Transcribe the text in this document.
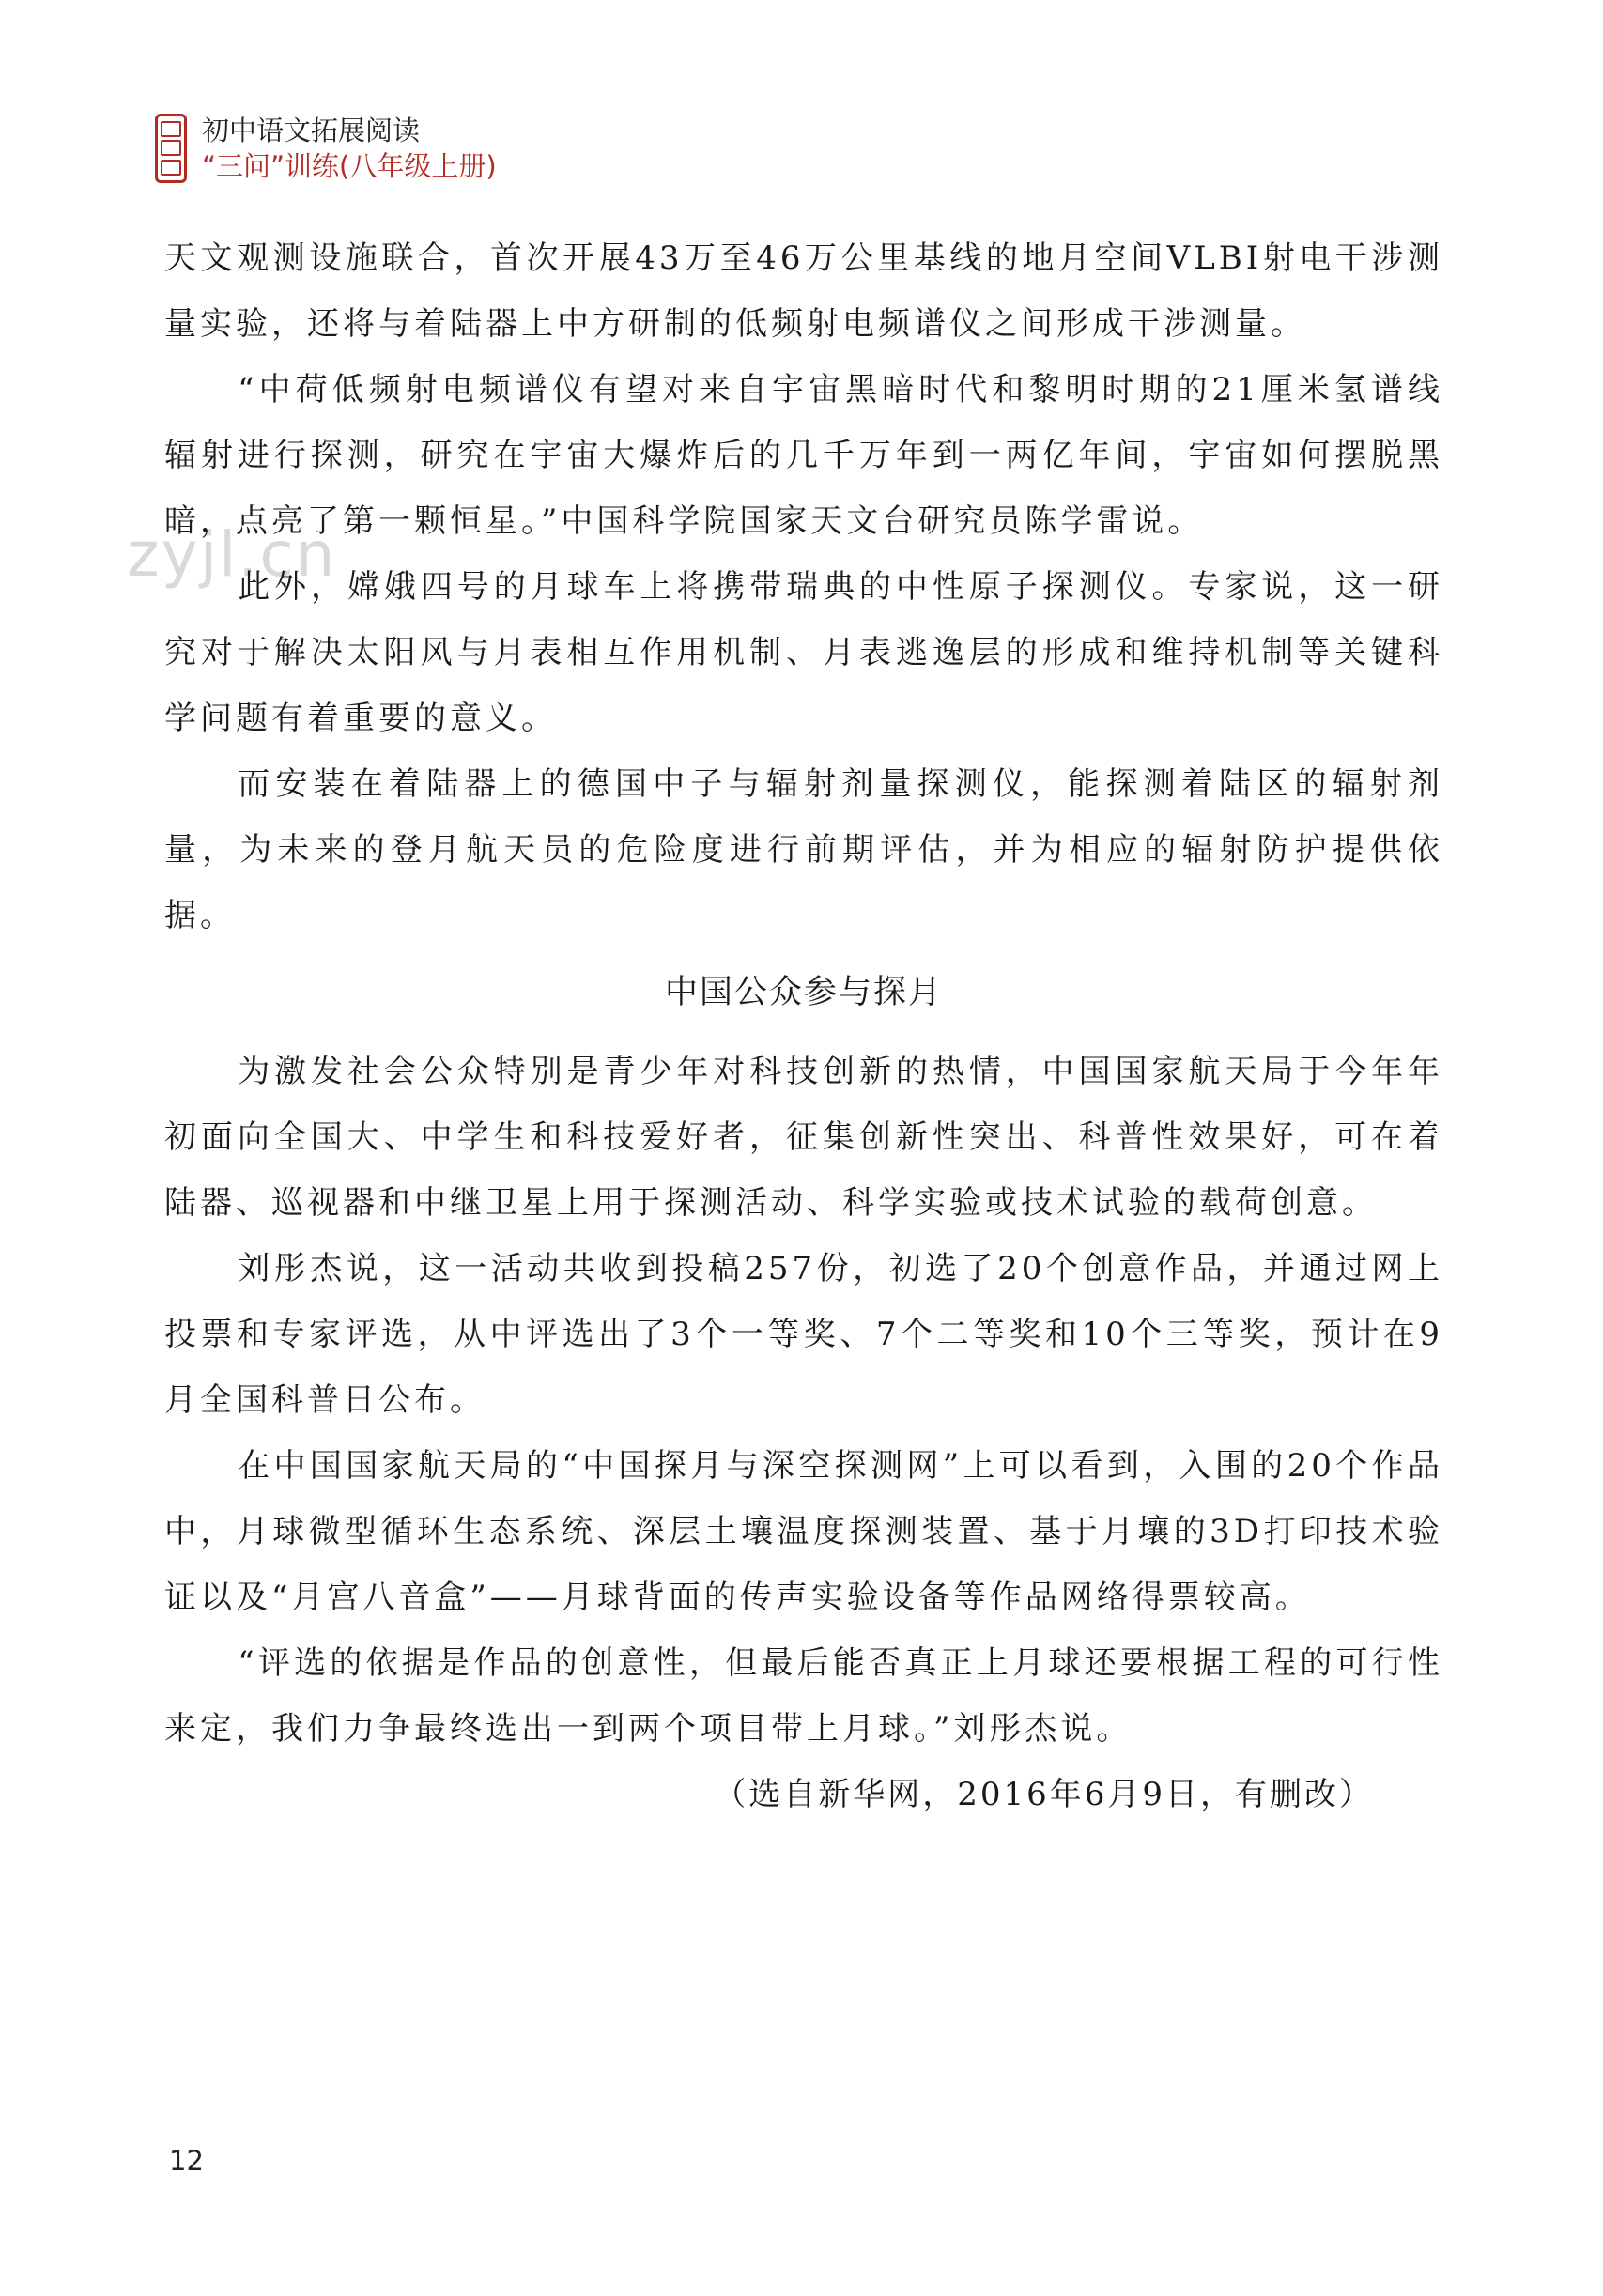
初中语文拓展阅读
“三问”训练(八年级上册)
zyjl.cn

天文观测设施联合，首次开展43万至46万公里基线的地月空间VLBI射电干涉测量实验，还将与着陆器上中方研制的低频射电频谱仪之间形成干涉测量。

“中荷低频射电频谱仪有望对来自宇宙黑暗时代和黎明时期的21厘米氢谱线辐射进行探测，研究在宇宙大爆炸后的几千万年到一两亿年间，宇宙如何摆脱黑暗，点亮了第一颗恒星。”中国科学院国家天文台研究员陈学雷说。

此外，嫦娥四号的月球车上将携带瑞典的中性原子探测仪。专家说，这一研究对于解决太阳风与月表相互作用机制、月表逃逸层的形成和维持机制等关键科学问题有着重要的意义。

而安装在着陆器上的德国中子与辐射剂量探测仪，能探测着陆区的辐射剂量，为未来的登月航天员的危险度进行前期评估，并为相应的辐射防护提供依据。

中国公众参与探月

为激发社会公众特别是青少年对科技创新的热情，中国国家航天局于今年年初面向全国大、中学生和科技爱好者，征集创新性突出、科普性效果好，可在着陆器、巡视器和中继卫星上用于探测活动、科学实验或技术试验的载荷创意。

刘彤杰说，这一活动共收到投稿257份，初选了20个创意作品，并通过网上投票和专家评选，从中评选出了3个一等奖、7个二等奖和10个三等奖，预计在9月全国科普日公布。

在中国国家航天局的“中国探月与深空探测网”上可以看到，入围的20个作品中，月球微型循环生态系统、深层土壤温度探测装置、基于月壤的3D打印技术验证以及“月宫八音盒”——月球背面的传声实验设备等作品网络得票较高。

“评选的依据是作品的创意性，但最后能否真正上月球还要根据工程的可行性来定，我们力争最终选出一到两个项目带上月球。”刘彤杰说。

（选自新华网，2016年6月9日，有删改）

12
